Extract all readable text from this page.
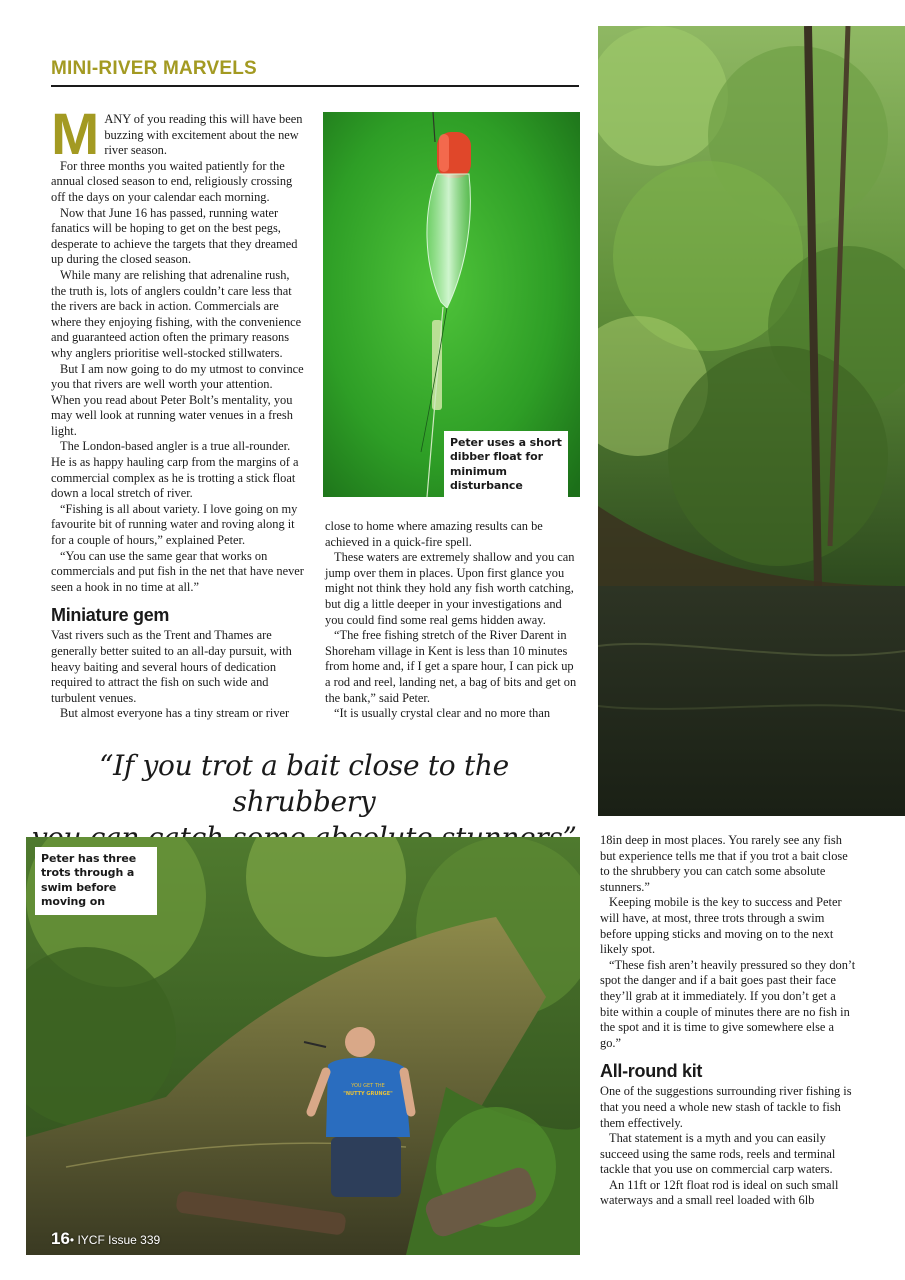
MINI-RIVER MARVELS

MANY of you reading this will have been buzzing with excitement about the new river season.

For three months you waited patiently for the annual closed season to end, religiously crossing off the days on your calendar each morning.

Now that June 16 has passed, running water fanatics will be hoping to get on the best pegs, desperate to achieve the targets that they dreamed up during the closed season.

While many are relishing that adrenaline rush, the truth is, lots of anglers couldn’t care less that the rivers are back in action. Commercials are where they enjoying fishing, with the convenience and guaranteed action often the primary reasons why anglers prioritise well-stocked stillwaters.

But I am now going to do my utmost to convince you that rivers are well worth your attention. When you read about Peter Bolt’s mentality, you may well look at running water venues in a fresh light.

The London-based angler is a true all-rounder. He is as happy hauling carp from the margins of a commercial complex as he is trotting a stick float down a local stretch of river.

“Fishing is all about variety. I love going on my favourite bit of running water and roving along it for a couple of hours,” explained Peter.

“You can use the same gear that works on commercials and put fish in the net that have never seen a hook in no time at all.”

Miniature gem

Vast rivers such as the Trent and Thames are generally better suited to an all-day pursuit, with heavy baiting and several hours of dedication required to attract the fish on such wide and turbulent venues.

But almost everyone has a tiny stream or river

Peter uses a short dibber float for minimum disturbance

close to home where amazing results can be achieved in a quick-fire spell.

These waters are extremely shallow and you can jump over them in places. Upon first glance you might not think they hold any fish worth catching, but dig a little deeper in your investigations and you could find some real gems hidden away.

“The free fishing stretch of the River Darent in Shoreham village in Kent is less than 10 minutes from home and, if I get a spare hour, I can pick up a rod and reel, landing net, a bag of bits and get on the bank,” said Peter.

“It is usually crystal clear and no more than

“If you trot a bait close to the shrubbery
YOU GET THE
"NUTTY GRUNGE"
Peter has three trots through a swim before moving on

18in deep in most places. You rarely see any fish but experience tells me that if you trot a bait close to the shrubbery you can catch some absolute stunners.”

Keeping mobile is the key to success and Peter will have, at most, three trots through a swim before upping sticks and moving on to the next likely spot.

“These fish aren’t heavily pressured so they don’t spot the danger and if a bait goes past their face they’ll grab at it immediately. If you don’t get a bite within a couple of minutes there are no fish in the spot and it is time to give somewhere else a go.”

All-round kit

One of the suggestions surrounding river fishing is that you need a whole new stash of tackle to fish them effectively.

That statement is a myth and you can easily succeed using the same rods, reels and terminal tackle that you use on commercial carp waters.

An 11ft or 12ft float rod is ideal on such small waterways and a small reel loaded with 6lb

16• IYCF Issue 339
